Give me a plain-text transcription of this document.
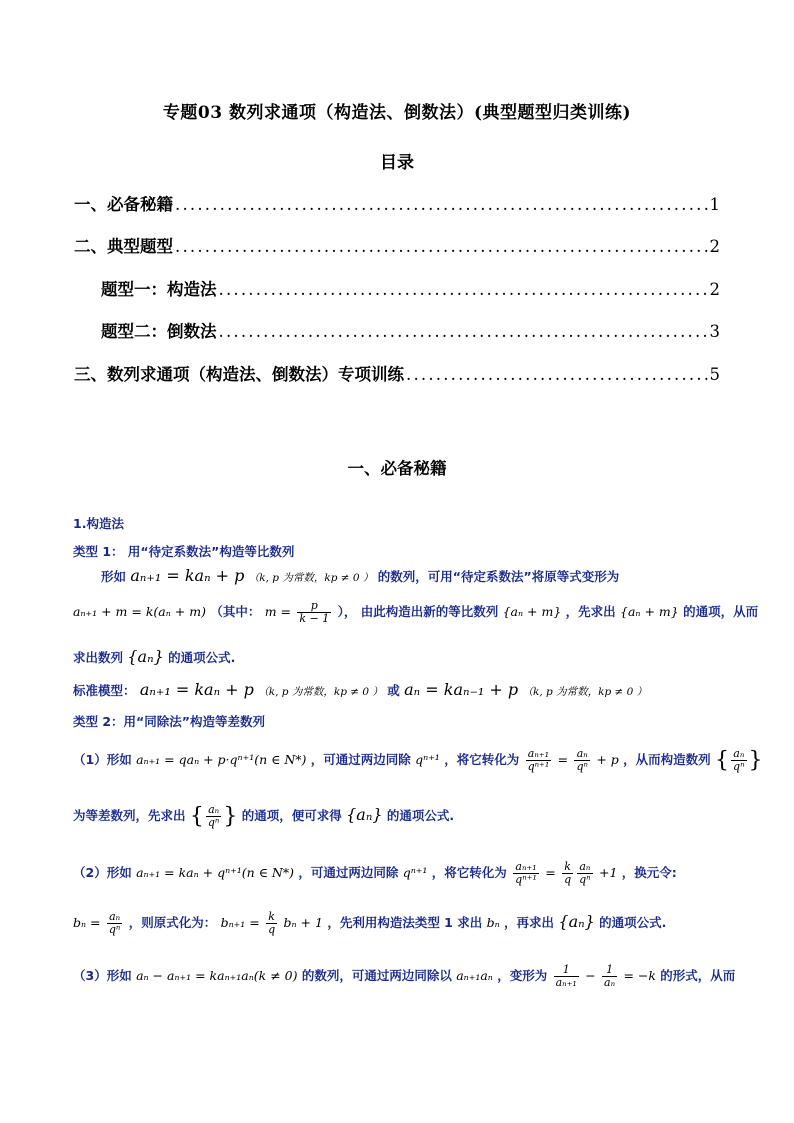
专题03 数列求通项（构造法、倒数法）(典型题型归类训练)
目录
一、必备秘籍 .....	1
二、典型题型 .....	2
题型一：构造法 .....	2
题型二：倒数法 .....	3
三、数列求通项（构造法、倒数法）专项训练 .....	5
一、必备秘籍
1.构造法
类型 1： 用“待定系数法”构造等比数列
形如 aₙ₊₁ = kaₙ + p （k, p 为常数，kp ≠ 0 ） 的数列，可用“待定系数法”将原等式变形为
aₙ₊₁ + m = k(aₙ + m) （其中： $m = \frac{p}{k - 1}$ ）， 由此构造出新的等比数列 {aₙ + m} ，先求出 {aₙ + m} 的通项，从而
求出数列 {aₙ} 的通项公式.
标准模型： aₙ₊₁ = kaₙ + p （k, p 为常数，kp ≠ 0 ） 或 aₙ = kaₙ₋₁ + p （k, p 为常数，kp ≠ 0 ）
类型 2：用“同除法”构造等差数列
（1）形如 aₙ₊₁ = qaₙ + p·qⁿ⁺¹(n ∈ N*) ，可通过两边同除 qⁿ⁺¹ ，将它转化为 $\frac{\text{aₙ₊₁}}{\text{qⁿ⁺¹}} = \frac{\text{aₙ}}{\text{qⁿ}} + p$ ，从而构造数列 { $\frac{\text{aₙ}}{\text{qⁿ}}$ }
为等差数列，先求出 { $\frac{\text{aₙ}}{\text{qⁿ}}$ } 的通项，便可求得 {aₙ} 的通项公式.
（2）形如 aₙ₊₁ = kaₙ + qⁿ⁺¹(n ∈ N*) ，可通过两边同除 qⁿ⁺¹ ，将它转化为 $\frac{\text{aₙ₊₁}}{\text{qⁿ⁺¹}} = \frac{k}{q} \frac{\text{aₙ}}{\text{qⁿ}} +1$ ，换元令:
$b_n = \frac{\text{aₙ}}{\text{qⁿ}}$ ，则原式化为： $b_{n+1} = \frac{k}{q}$ bₙ + 1 ，先利用构造法类型 1 求出 bₙ ，再求出 {aₙ} 的通项公式.
（3）形如 aₙ − aₙ₊₁ = kaₙ₊₁aₙ(k ≠ 0) 的数列，可通过两边同除以 aₙ₊₁aₙ ，变形为 $\frac{1}{\text{aₙ₊₁}} - \frac{1}{\text{aₙ}} = -k$ 的形式，从而
